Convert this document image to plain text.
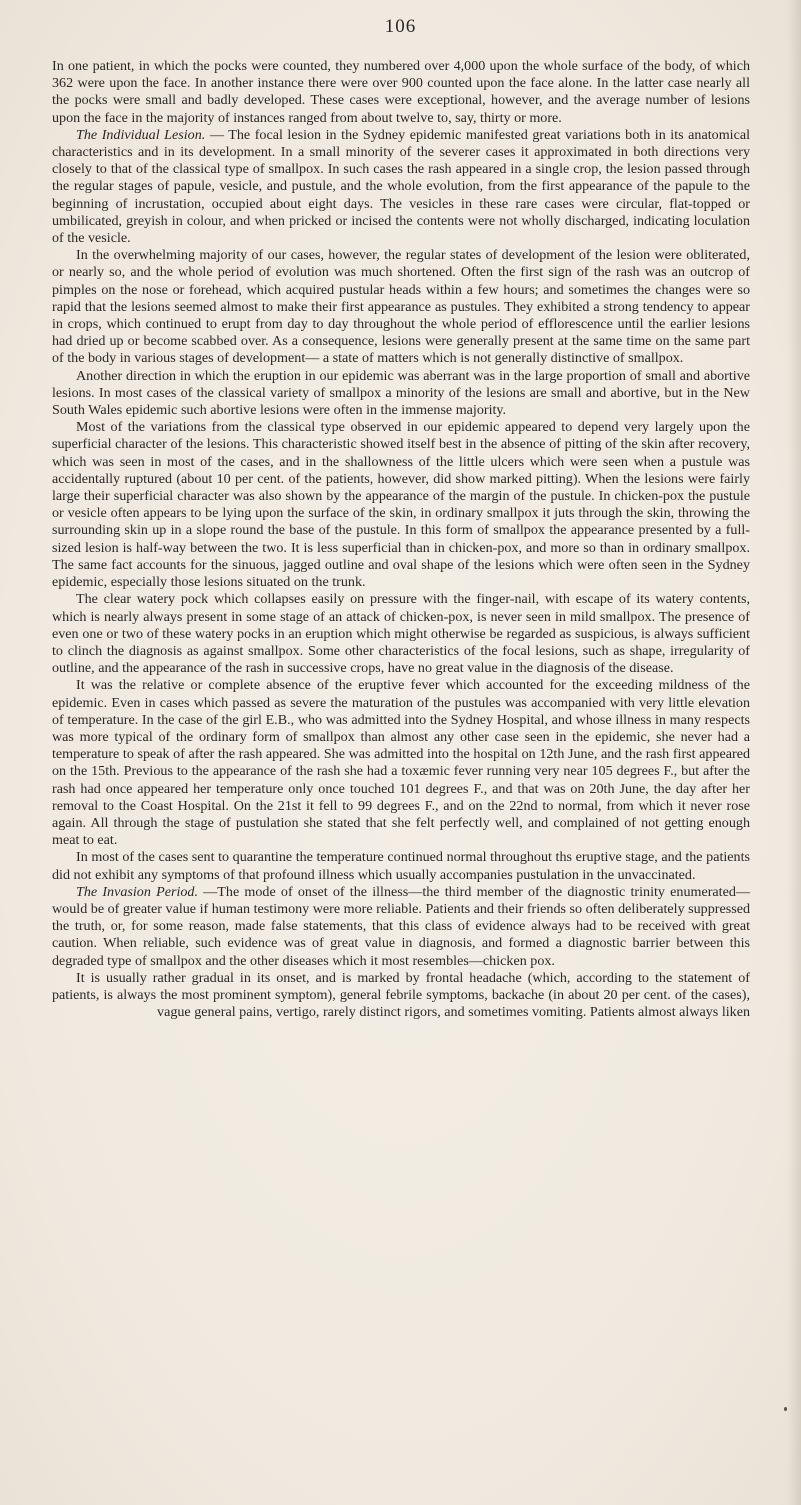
106

In one patient, in which the pocks were counted, they numbered over 4,000 upon the whole surface of the body, of which 362 were upon the face. In another instance there were over 900 counted upon the face alone. In the latter case nearly all the pocks were small and badly developed. These cases were exceptional, however, and the average number of lesions upon the face in the majority of instances ranged from about twelve to, say, thirty or more.

The Individual Lesion. — The focal lesion in the Sydney epidemic manifested great variations both in its anatomical characteristics and in its development. In a small minority of the severer cases it approximated in both directions very closely to that of the classical type of smallpox. In such cases the rash appeared in a single crop, the lesion passed through the regular stages of papule, vesicle, and pustule, and the whole evolution, from the first appearance of the papule to the beginning of incrustation, occupied about eight days. The vesicles in these rare cases were circular, flat-topped or umbilicated, greyish in colour, and when pricked or incised the contents were not wholly discharged, indicating loculation of the vesicle.

In the overwhelming majority of our cases, however, the regular states of development of the lesion were obliterated, or nearly so, and the whole period of evolution was much shortened. Often the first sign of the rash was an outcrop of pimples on the nose or forehead, which acquired pustular heads within a few hours; and sometimes the changes were so rapid that the lesions seemed almost to make their first appearance as pustules. They exhibited a strong tendency to appear in crops, which continued to erupt from day to day throughout the whole period of efflorescence until the earlier lesions had dried up or become scabbed over. As a consequence, lesions were generally present at the same time on the same part of the body in various stages of development— a state of matters which is not generally distinctive of smallpox.

Another direction in which the eruption in our epidemic was aberrant was in the large proportion of small and abortive lesions. In most cases of the classical variety of smallpox a minority of the lesions are small and abortive, but in the New South Wales epidemic such abortive lesions were often in the immense majority.

Most of the variations from the classical type observed in our epidemic appeared to depend very largely upon the superficial character of the lesions. This characteristic showed itself best in the absence of pitting of the skin after recovery, which was seen in most of the cases, and in the shallowness of the little ulcers which were seen when a pustule was accidentally ruptured (about 10 per cent. of the patients, however, did show marked pitting). When the lesions were fairly large their superficial character was also shown by the appearance of the margin of the pustule. In chicken-pox the pustule or vesicle often appears to be lying upon the surface of the skin, in ordinary smallpox it juts through the skin, throwing the surrounding skin up in a slope round the base of the pustule. In this form of smallpox the appearance presented by a full-sized lesion is half-way between the two. It is less superficial than in chicken-pox, and more so than in ordinary smallpox. The same fact accounts for the sinuous, jagged outline and oval shape of the lesions which were often seen in the Sydney epidemic, especially those lesions situated on the trunk.

The clear watery pock which collapses easily on pressure with the finger-nail, with escape of its watery contents, which is nearly always present in some stage of an attack of chicken-pox, is never seen in mild smallpox. The presence of even one or two of these watery pocks in an eruption which might otherwise be regarded as suspicious, is always sufficient to clinch the diagnosis as against smallpox. Some other characteristics of the focal lesions, such as shape, irregularity of outline, and the appearance of the rash in successive crops, have no great value in the diagnosis of the disease.

It was the relative or complete absence of the eruptive fever which accounted for the exceeding mildness of the epidemic. Even in cases which passed as severe the maturation of the pustules was accompanied with very little elevation of temperature. In the case of the girl E.B., who was admitted into the Sydney Hospital, and whose illness in many respects was more typical of the ordinary form of smallpox than almost any other case seen in the epidemic, she never had a temperature to speak of after the rash appeared. She was admitted into the hospital on 12th June, and the rash first appeared on the 15th. Previous to the appearance of the rash she had a toxæmic fever running very near 105 degrees F., but after the rash had once appeared her temperature only once touched 101 degrees F., and that was on 20th June, the day after her removal to the Coast Hospital. On the 21st it fell to 99 degrees F., and on the 22nd to normal, from which it never rose again. All through the stage of pustulation she stated that she felt perfectly well, and complained of not getting enough meat to eat.

In most of the cases sent to quarantine the temperature continued normal throughout ths eruptive stage, and the patients did not exhibit any symptoms of that profound illness which usually accompanies pustulation in the unvaccinated.

The Invasion Period. —The mode of onset of the illness—the third member of the diagnostic trinity enumerated—would be of greater value if human testimony were more reliable. Patients and their friends so often deliberately suppressed the truth, or, for some reason, made false statements, that this class of evidence always had to be received with great caution. When reliable, such evidence was of great value in diagnosis, and formed a diagnostic barrier between this degraded type of smallpox and the other diseases which it most resembles—chicken pox.

It is usually rather gradual in its onset, and is marked by frontal headache (which, according to the statement of patients, is always the most prominent symptom), general febrile symptoms, backache (in about 20 per cent. of the cases), vague general pains, vertigo, rarely distinct rigors, and sometimes vomiting. Patients almost always liken
